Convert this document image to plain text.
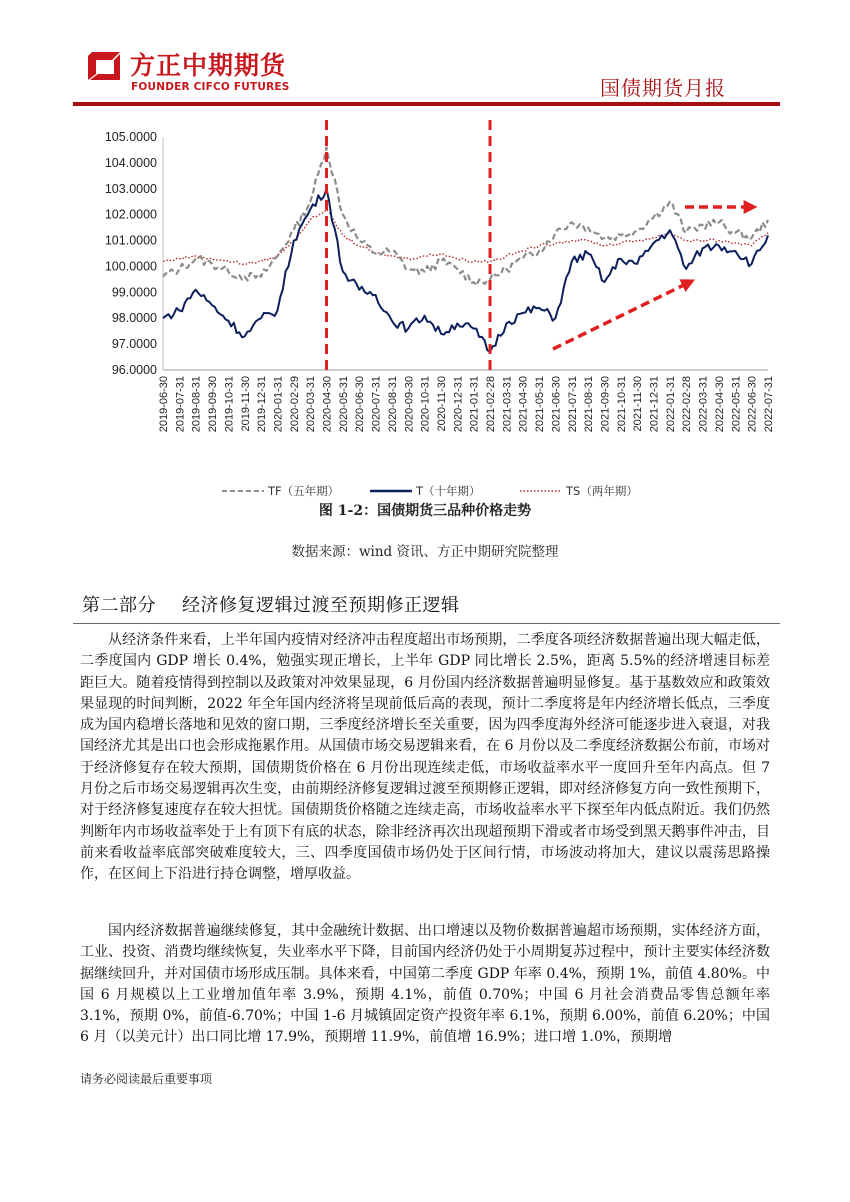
方正中期期货
FOUNDER CIFCO FUTURES	国债期货月报
96.0000
97.0000
98.0000
99.0000
100.0000
101.0000
102.0000
103.0000
104.0000
105.0000
2019-06-30 2019-07-31 2019-08-31 2019-09-30 2019-10-31 2019-11-30 2019-12-31 2020-01-31 2020-02-29 2020-03-31 2020-04-30 2020-05-31 2020-06-30 2020-07-31 2020-08-31 2020-09-30 2020-10-31 2020-11-30 2020-12-31 2021-01-31 2021-02-28 2021-03-31 2021-04-30 2021-05-31 2021-06-30 2021-07-31 2021-08-31 2021-09-30 2021-10-31 2021-11-30 2021-12-31 2022-01-31 2022-02-28 2022-03-31 2022-04-30 2022-05-31 2022-06-30 2022-07-31
TF（五年期）	T（十年期）	TS（两年期）
图 1-2：国债期货三品种价格走势
数据来源：wind 资讯、方正中期研究院整理
第二部分 经济修复逻辑过渡至预期修正逻辑

从经济条件来看，上半年国内疫情对经济冲击程度超出市场预期，二季度各项经济数据普遍出现大幅走低，二季度国内 GDP 增长 0.4%，勉强实现正增长，上半年 GDP 同比增长 2.5%，距离 5.5%的经济增速目标差距巨大。随着疫情得到控制以及政策对冲效果显现，6 月份国内经济数据普遍明显修复。基于基数效应和政策效果显现的时间判断，2022 年全年国内经济将呈现前低后高的表现，预计二季度将是年内经济增长低点，三季度成为国内稳增长落地和见效的窗口期，三季度经济增长至关重要，因为四季度海外经济可能逐步进入衰退，对我国经济尤其是出口也会形成拖累作用。从国债市场交易逻辑来看，在 6 月份以及二季度经济数据公布前，市场对于经济修复存在较大预期，国债期货价格在 6 月份出现连续走低，市场收益率水平一度回升至年内高点。但 7 月份之后市场交易逻辑再次生变，由前期经济修复逻辑过渡至预期修正逻辑，即对经济修复方向一致性预期下，对于经济修复速度存在较大担忧。国债期货价格随之连续走高，市场收益率水平下探至年内低点附近。我们仍然判断年内市场收益率处于上有顶下有底的状态，除非经济再次出现超预期下滑或者市场受到黑天鹅事件冲击，目前来看收益率底部突破难度较大，三、四季度国债市场仍处于区间行情，市场波动将加大，建议以震荡思路操作，在区间上下沿进行持仓调整，增厚收益。

国内经济数据普遍继续修复，其中金融统计数据、出口增速以及物价数据普遍超市场预期，实体经济方面，工业、投资、消费均继续恢复，失业率水平下降，目前国内经济仍处于小周期复苏过程中，预计主要实体经济数据继续回升，并对国债市场形成压制。具体来看，中国第二季度 GDP 年率 0.4%，预期 1%，前值 4.80%。中国 6 月规模以上工业增加值年率 3.9%，预期 4.1%，前值 0.70%；中国 6 月社会消费品零售总额年率 3.1%，预期 0%，前值-6.70%；中国 1-6 月城镇固定资产投资年率 6.1%，预期 6.00%，前值 6.20%；中国 6 月（以美元计）出口同比增 17.9%，预期增 11.9%，前值增 16.9%；进口增 1.0%，预期增

请务必阅读最后重要事项
